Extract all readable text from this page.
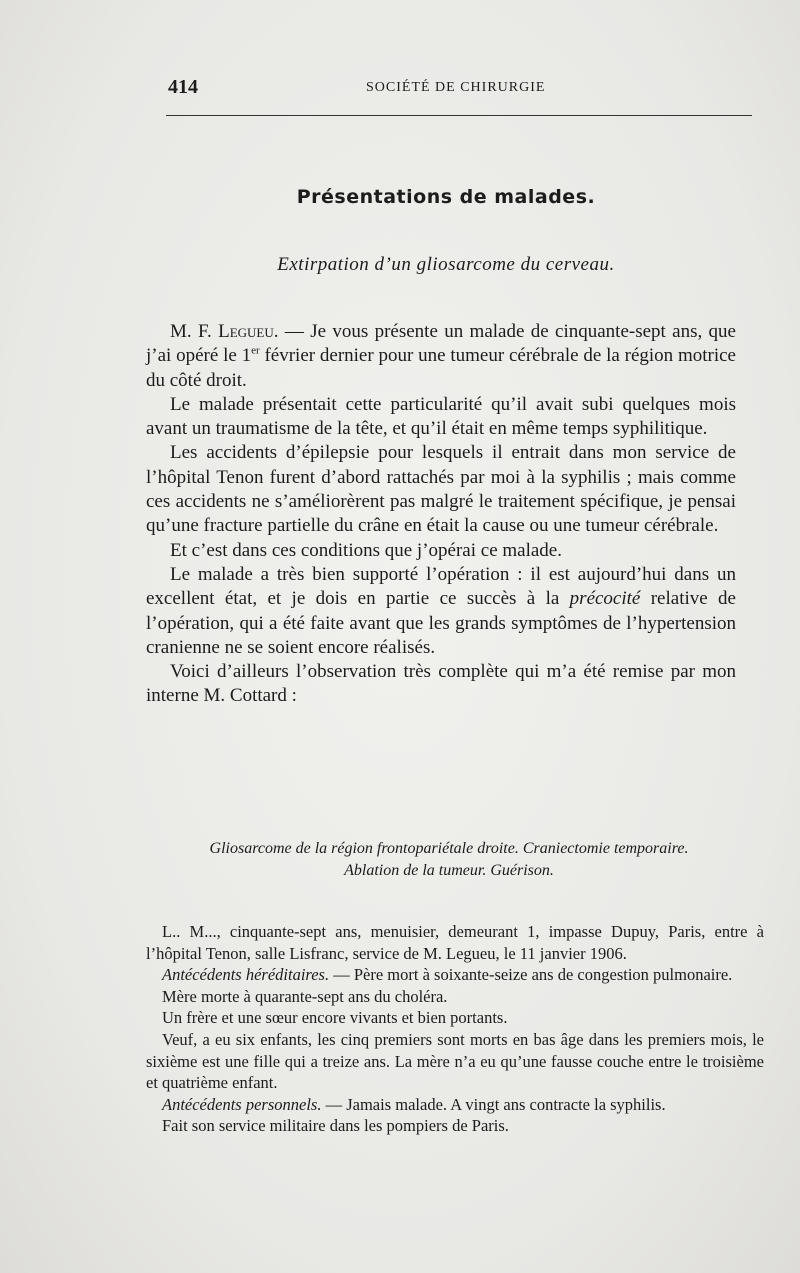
414	SOCIÉTÉ DE CHIRURGIE
Présentations de malades.
Extirpation d’un gliosarcome du cerveau.

M. F. Legueu. — Je vous présente un malade de cinquante-sept ans, que j’ai opéré le 1er février dernier pour une tumeur cérébrale de la région motrice du côté droit.

Le malade présentait cette particularité qu’il avait subi quelques mois avant un traumatisme de la tête, et qu’il était en même temps syphilitique.

Les accidents d’épilepsie pour lesquels il entrait dans mon service de l’hôpital Tenon furent d’abord rattachés par moi à la syphilis ; mais comme ces accidents ne s’améliorèrent pas malgré le traitement spécifique, je pensai qu’une fracture partielle du crâne en était la cause ou une tumeur cérébrale.

Et c’est dans ces conditions que j’opérai ce malade.

Le malade a très bien supporté l’opération : il est aujourd’hui dans un excellent état, et je dois en partie ce succès à la précocité relative de l’opération, qui a été faite avant que les grands symptômes de l’hypertension cranienne ne se soient encore réalisés.

Voici d’ailleurs l’observation très complète qui m’a été remise par mon interne M. Cottard :

Gliosarcome de la région frontopariétale droite. Craniectomie temporaire.
Ablation de la tumeur. Guérison.

L.. M..., cinquante-sept ans, menuisier, demeurant 1, impasse Dupuy, Paris, entre à l’hôpital Tenon, salle Lisfranc, service de M. Legueu, le 11 janvier 1906.

Antécédents héréditaires. — Père mort à soixante-seize ans de congestion pulmonaire.

Mère morte à quarante-sept ans du choléra.

Un frère et une sœur encore vivants et bien portants.

Veuf, a eu six enfants, les cinq premiers sont morts en bas âge dans les premiers mois, le sixième est une fille qui a treize ans. La mère n’a eu qu’une fausse couche entre le troisième et quatrième enfant.

Antécédents personnels. — Jamais malade. A vingt ans contracte la syphilis.

Fait son service militaire dans les pompiers de Paris.
